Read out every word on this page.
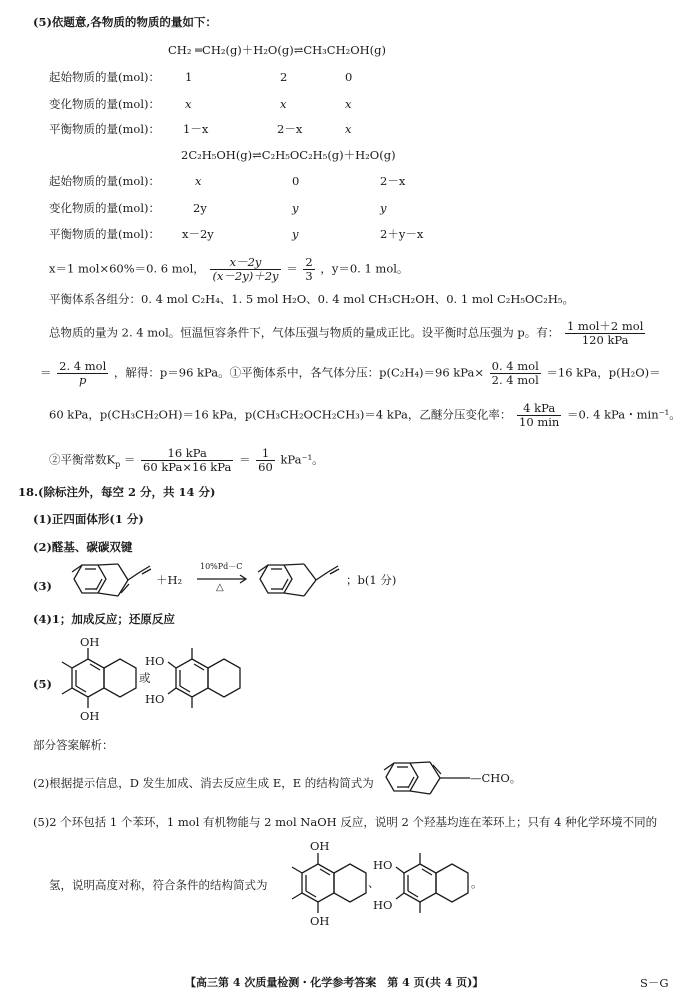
(5)依题意,各物质的物质的量如下：
CH₂ ═CH₂(g)＋H₂O(g)⇌CH₃CH₂OH(g)
起始物质的量(mol)： 1	2	0
变化物质的量(mol)： x	x	x
平衡物质的量(mol)： 1－x	2－x	x
2C₂H₅OH(g)⇌C₂H₅OC₂H₅(g)＋H₂O(g)
起始物质的量(mol)：	x	0	2－x
变化物质的量(mol)：	2y	y	y
平衡物质的量(mol)： x－2y	y	2＋y－x
x＝1 mol×60%＝0. 6 mol， $\frac{x-2y}{(x-2y)+2y} = \frac{2}{3}$ ，y＝0. 1 mol。
平衡体系各组分：0. 4 mol C₂H₄、1. 5 mol H₂O、0. 4 mol CH₃CH₂OH、0. 1 mol C₂H₅OC₂H₅。
总物质的量为 2. 4 mol。恒温恒容条件下，气体压强与物质的量成正比。设平衡时总压强为 p。有： $\frac{\text{1 mol＋2 mol}}{\text{120 kPa}}$
＝ $\frac{\text{2. 4 mol}}{p}$ ，解得：p＝96 kPa。①平衡体系中，各气体分压：p(C₂H₄)＝96 $kPa\times \frac{\text{0. 4 mol}}{\text{2. 4 mol}} =16$ kPa，p(H₂O)＝
60 kPa，p(CH₃CH₂OH)＝16 kPa，p(CH₃CH₂OCH₂CH₃)＝4 kPa，乙醚分压变化率： $\frac{\text{4 kPa}}{10 \min} =0$. 4 kPa・min⁻¹。
②平衡常数$K_p = \frac{\text{16 kPa}}{\text{60 kPa×16 kPa}} = \frac{1}{60} kPa^{-1}$。
18.(除标注外，每空 2 分，共 14 分)
(1)正四面体形(1 分)
(2)醛基、碳碳双键
(3)	＋H₂
10%Pd－C
△
；b(1 分)
(4)1；加成反应；还原反应
(5)
OH
OH
或
HO
HO
部分答案解析：
(2)根据提示信息，D 发生加成、消去反应生成 E，E 的结构简式为	—CHO。
(5)2 个环包括 1 个苯环，1 mol 有机物能与 2 mol NaOH 反应，说明 2 个羟基均连在苯环上；只有 4 种化学环境不同的
氢，说明高度对称，符合条件的结构简式为
OH
OH
、
HO
HO
。
【高三第 4 次质量检测・化学参考答案　第 4 页(共 4 页)】	S－G
